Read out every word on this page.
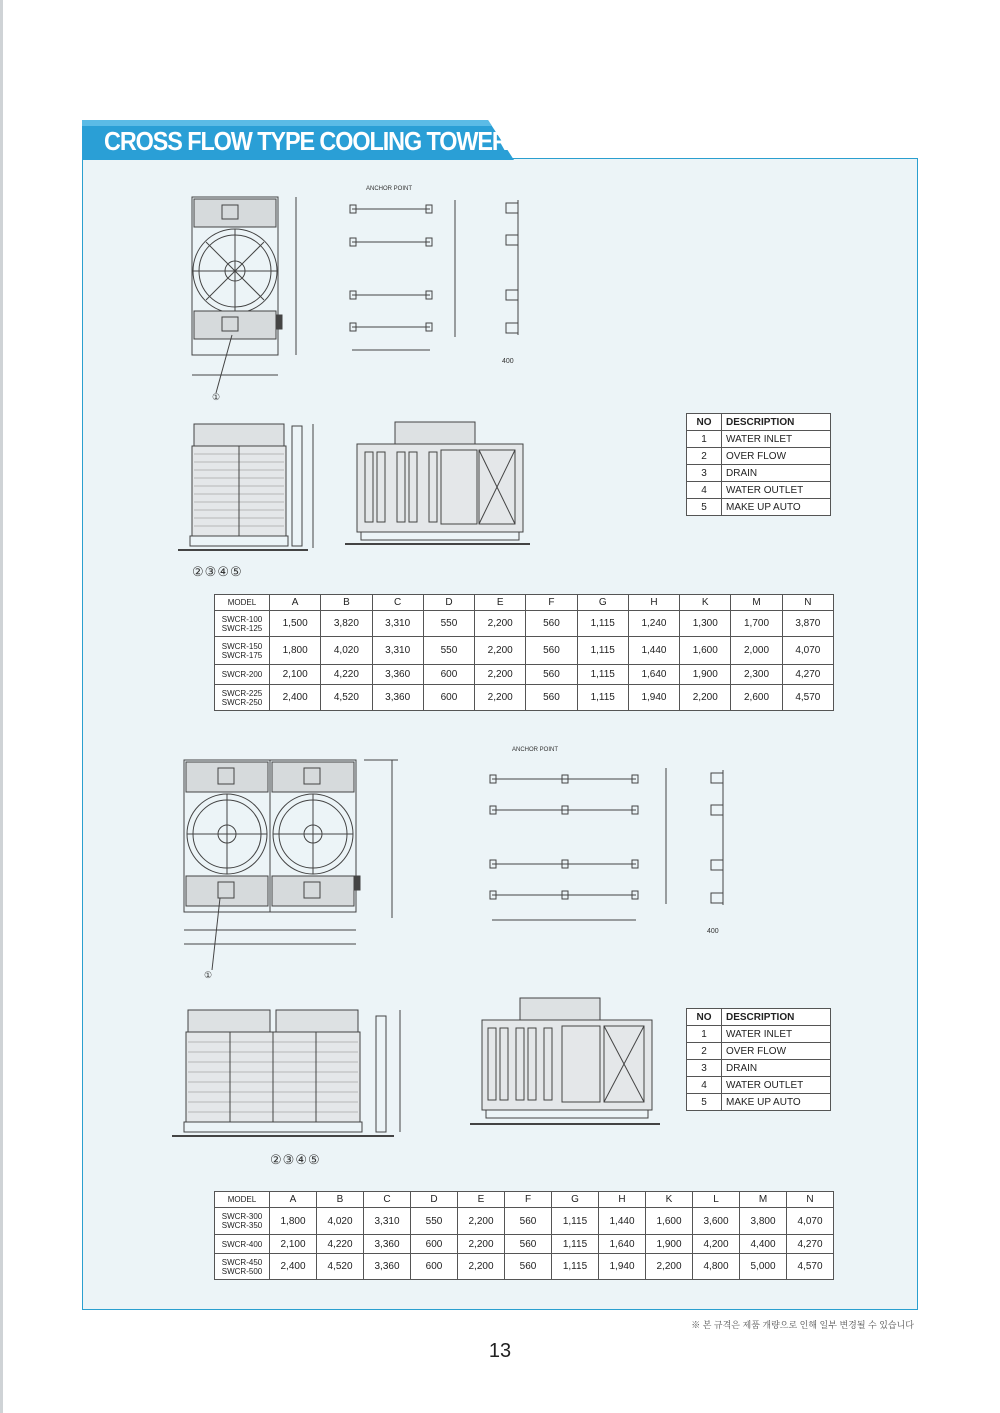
CROSS FLOW TYPE COOLING TOWER
①
ANCHOR POINT
400
②③④⑤
NO	DESCRIPTION
1	WATER INLET
2	OVER FLOW
3	DRAIN
4	WATER OUTLET
5	MAKE UP AUTO
MODEL	A	B	C	D	E	F	G	H	K	M	N

SWCR-100
SWCR-125	1,500	3,820	3,310	550	2,200	560	1,115	1,240	1,300	1,700	3,870

SWCR-150
SWCR-175	1,800	4,020	3,310	550	2,200	560	1,115	1,440	1,600	2,000	4,070

SWCR-200	2,100	4,220	3,360	600	2,200	560	1,115	1,640	1,900	2,300	4,270

SWCR-225
SWCR-250	2,400	4,520	3,360	600	2,200	560	1,115	1,940	2,200	2,600	4,570
①
ANCHOR POINT
400
②③④⑤
NO	DESCRIPTION
1	WATER INLET
2	OVER FLOW
3	DRAIN
4	WATER OUTLET
5	MAKE UP AUTO
MODEL	A	B	C	D	E	F	G	H	K	L	M	N

SWCR-300
SWCR-350	1,800	4,020	3,310	550	2,200	560	1,115	1,440	1,600	3,600	3,800	4,070

SWCR-400	2,100	4,220	3,360	600	2,200	560	1,115	1,640	1,900	4,200	4,400	4,270

SWCR-450
SWCR-500	2,400	4,520	3,360	600	2,200	560	1,115	1,940	2,200	4,800	5,000	4,570
※ 본 규격은 제품 개량으로 인해 일부 변경될 수 있습니다
13
